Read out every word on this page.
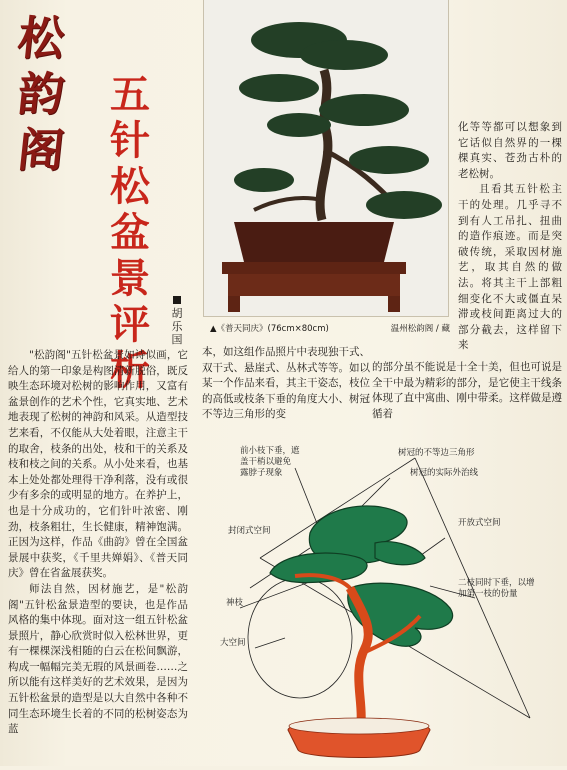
松
韵
阁
五
针
松
盆
景
评
析
胡
乐
国
▲《普天同庆》(76cm×80cm)	温州松韵阁 / 藏

化等等都可以想象到它话似自然界的一棵棵真实、苍劲古朴的老松树。

且看其五针松主干的处理。几乎寻不到有人工吊扎、扭曲的造作痕迹。而是突破传统，采取因材施艺，取其自然的做法。将其主干上部粗细变化不大或僵直呆滞或枝间距离过大的部分截去，这样留下来

本，如这组作品照片中表现独干式、双干式、悬崖式、丛林式等等。如以某一个作品来看，其主干姿态，枝位的高低或枝条下垂的角度大小、树冠不等边三角形的变

的部分虽不能说是十全十美，但也可说是全干中最为精彩的部分，是它使主干线条体现了直中寓曲、刚中带柔。这样做是遵循着

"松韵阁"五针松盆景如诗似画，它给人的第一印象是构图清新脱俗，既反映生态环境对松树的影响作用，又富有盆景创作的艺术个性，它真实地、艺术地表现了松树的神韵和风采。从造型技艺来看，不仅能从大处着眼，注意主干的取舍，枝条的出处，枝和干的关系及枝和枝之间的关系。从小处来看，也基本上处处都处理得干净利落，没有或很少有多余的或明显的地方。在养护上，也是十分成功的，它们针叶浓密、刚劲，枝条粗壮，生长健康，精神饱满。正因为这样，作品《曲韵》曾在全国盆景展中获奖，《千里共婵娟》、《普天同庆》曾在省盆展获奖。

师法自然，因材施艺，是"松韵阁"五针松盆景造型的要诀，也是作品风格的集中体现。面对这一组五针松盆景照片，静心欣赏时似入松林世界，更有一棵棵深浅相随的白云在松间飘游，构成一幅幅完美无瑕的风景画卷……之所以能有这样美好的艺术效果，是因为五针松盆景的造型是以大自然中各种不同生态环境生长着的不同的松树姿态为蓝

前小枝下垂，遮
盖干梢以避免
露脖子现象
树冠的不等边三角形
树冠的实际外治线
封闭式空间
开放式空间
神枝
二枝同时下垂，以增
加第一枝的份量
大空间
